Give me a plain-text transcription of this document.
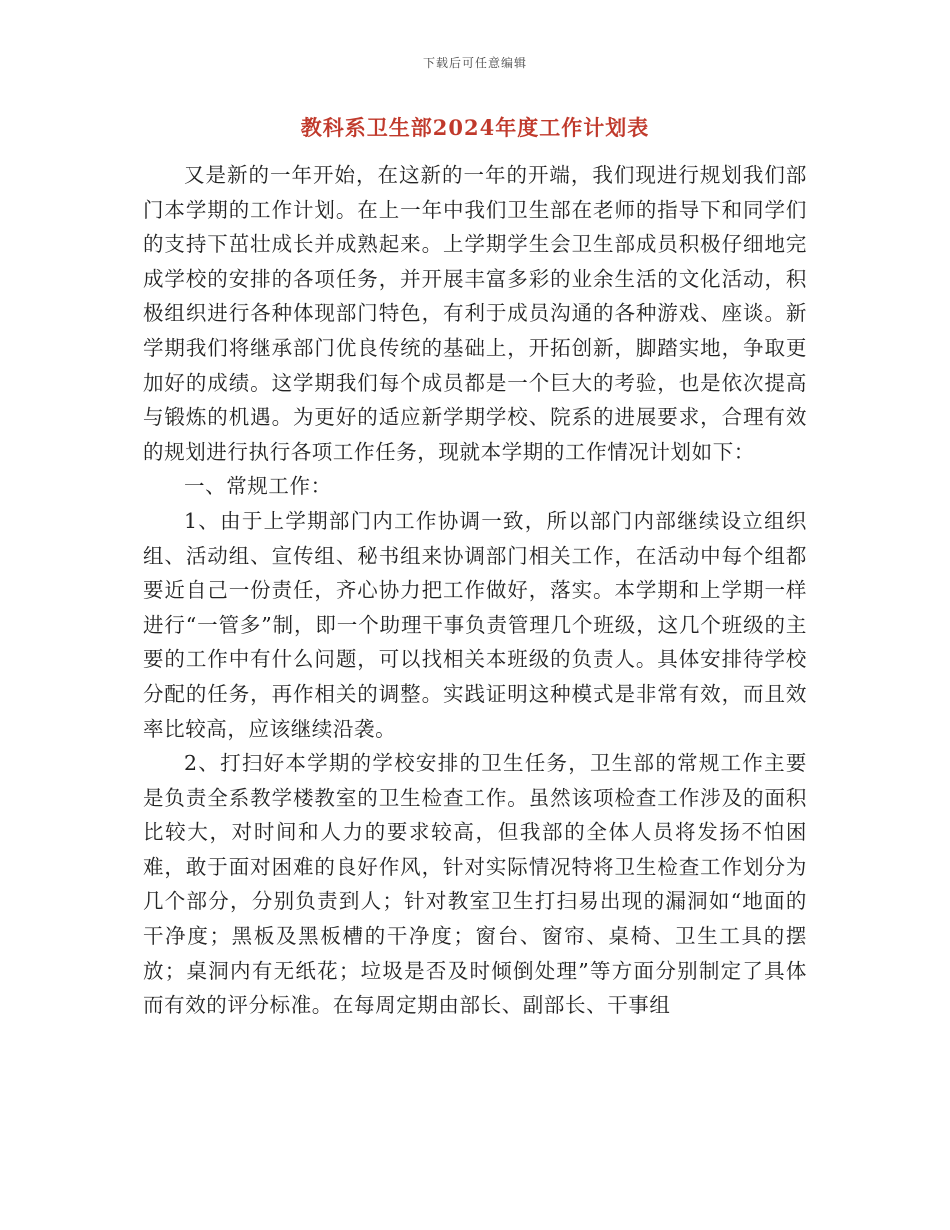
下载后可任意编辑
教科系卫生部2024年度工作计划表

又是新的一年开始，在这新的一年的开端，我们现进行规划我们部门本学期的工作计划。在上一年中我们卫生部在老师的指导下和同学们的支持下茁壮成长并成熟起来。上学期学生会卫生部成员积极仔细地完成学校的安排的各项任务，并开展丰富多彩的业余生活的文化活动，积极组织进行各种体现部门特色，有利于成员沟通的各种游戏、座谈。新学期我们将继承部门优良传统的基础上，开拓创新，脚踏实地，争取更加好的成绩。这学期我们每个成员都是一个巨大的考验，也是依次提高与锻炼的机遇。为更好的适应新学期学校、院系的进展要求，合理有效的规划进行执行各项工作任务，现就本学期的工作情况计划如下：

一、常规工作：

1、由于上学期部门内工作协调一致，所以部门内部继续设立组织组、活动组、宣传组、秘书组来协调部门相关工作，在活动中每个组都要近自己一份责任，齐心协力把工作做好，落实。本学期和上学期一样进行“一管多”制，即一个助理干事负责管理几个班级，这几个班级的主要的工作中有什么问题，可以找相关本班级的负责人。具体安排待学校分配的任务，再作相关的调整。实践证明这种模式是非常有效，而且效率比较高，应该继续沿袭。

2、打扫好本学期的学校安排的卫生任务，卫生部的常规工作主要是负责全系教学楼教室的卫生检查工作。虽然该项检查工作涉及的面积比较大，对时间和人力的要求较高，但我部的全体人员将发扬不怕困难，敢于面对困难的良好作风，针对实际情况特将卫生检查工作划分为几个部分，分别负责到人；针对教室卫生打扫易出现的漏洞如“地面的干净度；黑板及黑板槽的干净度；窗台、窗帘、桌椅、卫生工具的摆放；桌洞内有无纸花；垃圾是否及时倾倒处理”等方面分别制定了具体而有效的评分标准。在每周定期由部长、副部长、干事组
